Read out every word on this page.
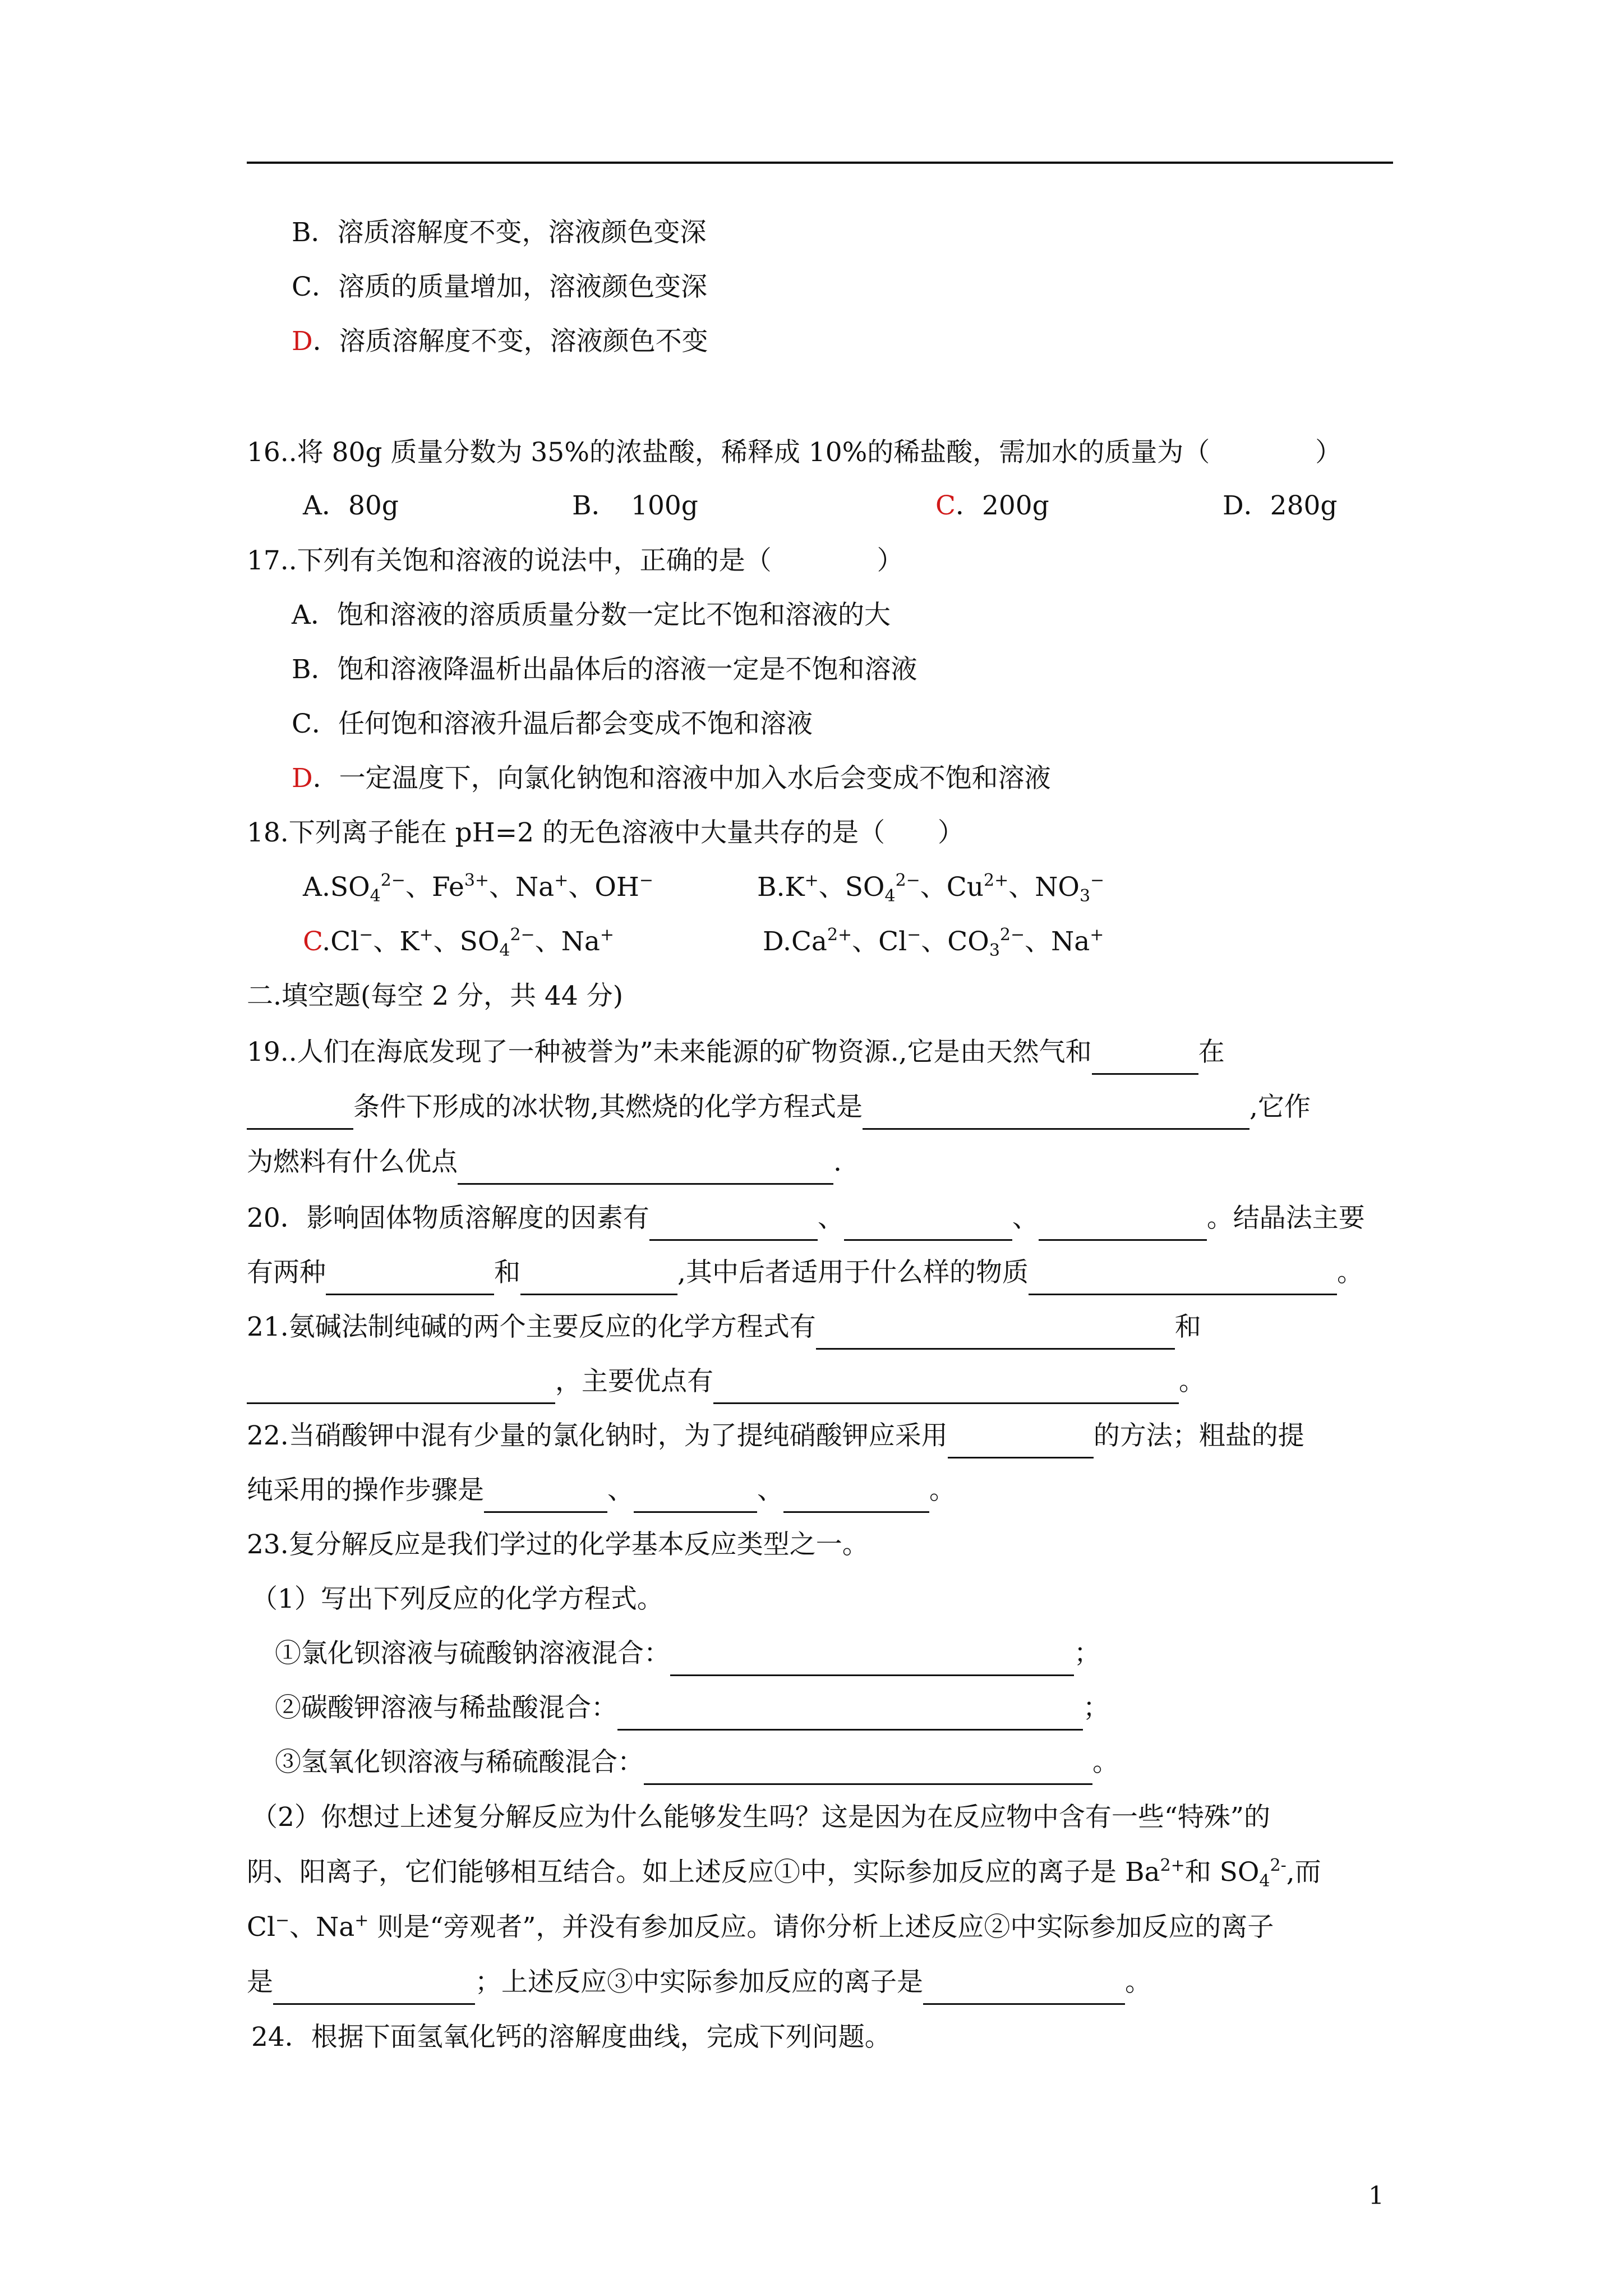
B．溶质溶解度不变，溶液颜色变深
C．溶质的质量增加，溶液颜色变深
D．溶质溶解度不变，溶液颜色不变
16..将 80g 质量分数为 35%的浓盐酸，稀释成 10%的稀盐酸，需加水的质量为（　　　　）

A．80g

	B．　100g

	C．200g

	D．280g

17..下列有关饱和溶液的说法中，正确的是（　　　　）
A．饱和溶液的溶质质量分数一定比不饱和溶液的大
B．饱和溶液降温析出晶体后的溶液一定是不饱和溶液
C．任何饱和溶液升温后都会变成不饱和溶液
D．一定温度下，向氯化钠饱和溶液中加入水后会变成不饱和溶液
18.下列离子能在 pH=2 的无色溶液中大量共存的是（　　）

$A.SO_4^{2-}$、$Fe^{3+}$、Na+、OH−

	B.K+、$SO_4^{2-}$、$Cu^{2+}$、$NO_3^-$

C.Cl−、K+、$SO_4^{2-}$、Na+

	$D.Ca^{2+}$、Cl−、$CO_3^{2-}$、Na+

二.填空题(每空 2 分，共 44 分)
19..人们在海底发现了一种被誉为”未来能源的矿物资源.,它是由天然气和	在
条件下形成的冰状物,其燃烧的化学方程式是	,它作
为燃料有什么优点	.
20．影响固体物质溶解度的因素有	、	、	。结晶法主要
有两种	和	,其中后者适用于什么样的物质	。
21.氨碱法制纯碱的两个主要反应的化学方程式有	和
，主要优点有	。
22.当硝酸钾中混有少量的氯化钠时，为了提纯硝酸钾应采用	的方法；粗盐的提
纯采用的操作步骤是	、	、	。
23.复分解反应是我们学过的化学基本反应类型之一。
（1）写出下列反应的化学方程式。
①氯化钡溶液与硫酸钠溶液混合：	；
②碳酸钾溶液与稀盐酸混合：	；
③氢氧化钡溶液与稀硫酸混合：	。
（2）你想过上述复分解反应为什么能够发生吗？这是因为在反应物中含有一些“特殊”的
阴、阳离子，它们能够相互结合。如上述反应①中，实际参加反应的离子是 $Ba^{2+}$和 $SO_4^{2-}$,而
Cl−、Na+ 则是“旁观者”，并没有参加反应。请你分析上述反应②中实际参加反应的离子
是	；上述反应③中实际参加反应的离子是	。
24．根据下面氢氧化钙的溶解度曲线，完成下列问题。
1
